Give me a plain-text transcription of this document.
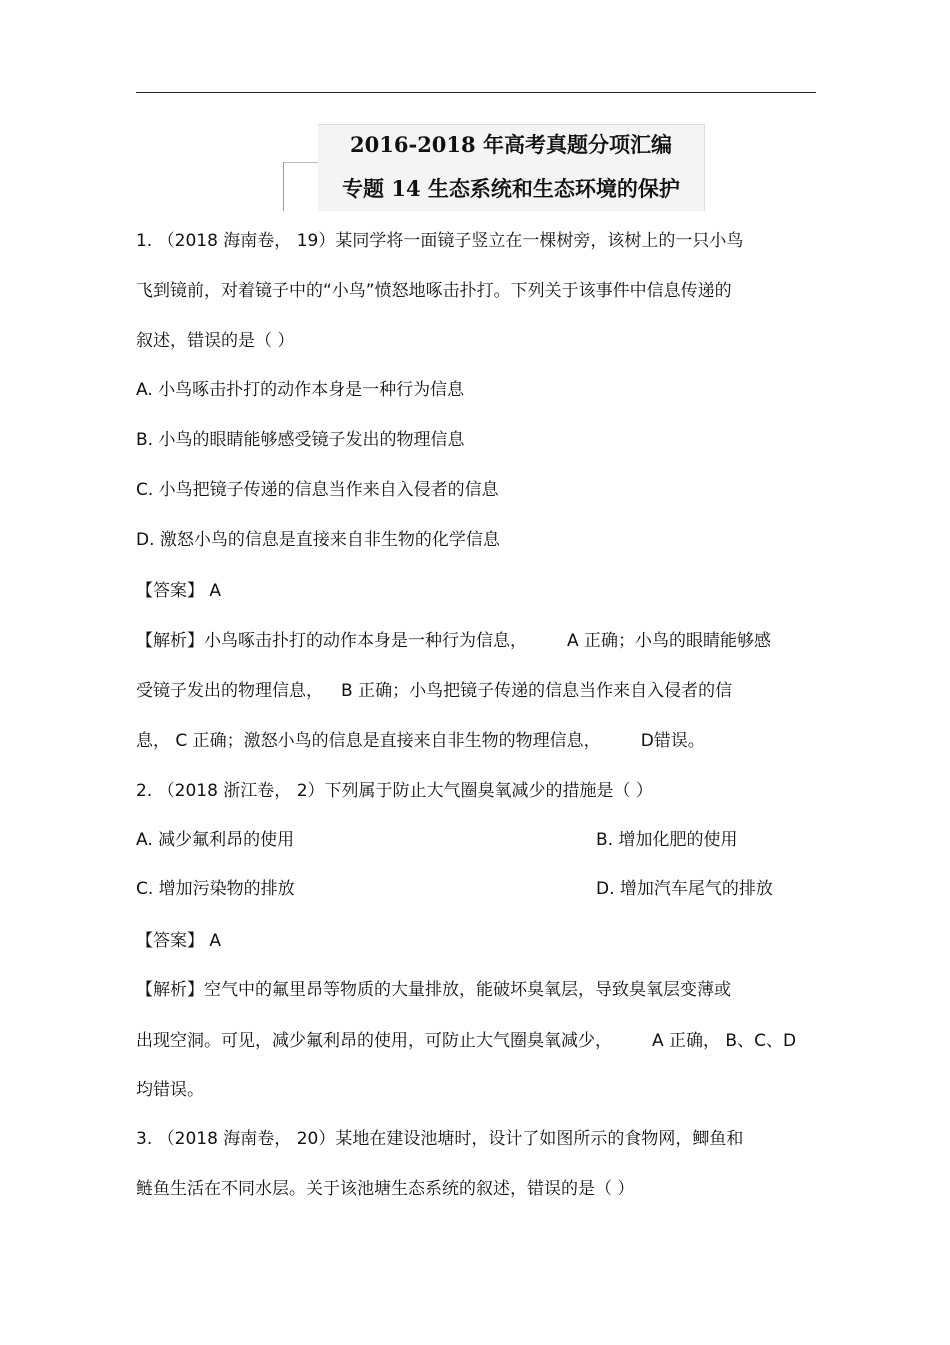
2016-2018 年高考真题分项汇编
专题 14 生态系统和生态环境的保护
1. （2018 海南卷， 19）某同学将一面镜子竖立在一棵树旁，该树上的一只小鸟
飞到镜前，对着镜子中的“小鸟”愤怒地啄击扑打。下列关于该事件中信息传递的
叙述，错误的是（ ）
A. 小鸟啄击扑打的动作本身是一种行为信息
B. 小鸟的眼睛能够感受镜子发出的物理信息
C. 小鸟把镜子传递的信息当作来自入侵者的信息
D. 激怒小鸟的信息是直接来自非生物的化学信息
【答案】 A
【解析】小鸟啄击扑打的动作本身是一种行为信息， A 正确；小鸟的眼睛能够感
受镜子发出的物理信息， B 正确；小鸟把镜子传递的信息当作来自入侵者的信
息， C 正确；激怒小鸟的信息是直接来自非生物的物理信息， D错误。
2. （2018 浙江卷， 2）下列属于防止大气圈臭氧减少的措施是（ ）
A. 减少氟利昂的使用	B. 增加化肥的使用
C. 增加污染物的排放	D. 增加汽车尾气的排放
【答案】 A
【解析】空气中的氟里昂等物质的大量排放，能破坏臭氧层，导致臭氧层变薄或
出现空洞。可见，减少氟利昂的使用，可防止大气圈臭氧减少， A 正确， B、C、D
均错误。
3. （2018 海南卷， 20）某地在建设池塘时，设计了如图所示的食物网，鲫鱼和
鲢鱼生活在不同水层。关于该池塘生态系统的叙述，错误的是（ ）
